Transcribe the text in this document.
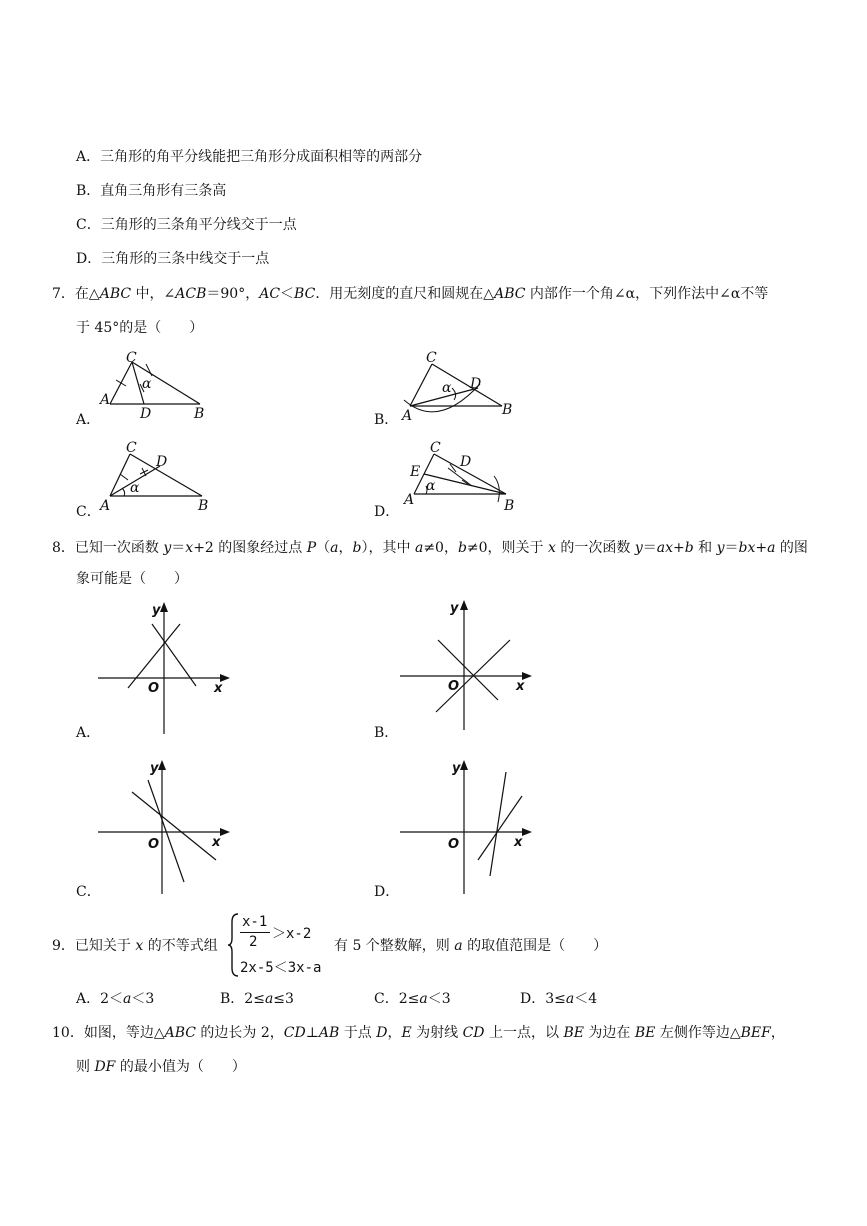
A．三角形的角平分线能把三角形分成面积相等的两部分
B．直角三角形有三条高
C．三角形的三条角平分线交于一点
D．三角形的三条中线交于一点
7．在△ABC 中，∠ACB＝90°，AC＜BC．用无刻度的直尺和圆规在△ABC 内部作一个角∠α，下列作法中∠α不等
于 45°的是（　　）
C
A
D	B
α
A．
C
A
D
B
α
B．
C
A
D
B
α
C．
C
E
A
D
B
α
D．
8．已知一次函数 y＝x+2 的图象经过点 P（a，b），其中 a≠0，b≠0，则关于 x 的一次函数 y＝ax+b 和 y＝bx+a 的图
象可能是（　　）
y
x
O
A．
y
x
O
B．
y
x
O
C．
y
x
O
D．
9．已知关于 x 的不等式组
x-1
2 ＞x-2
2x-5＜3x-a
有 5 个整数解，则 a 的取值范围是（　　）
A．2＜a＜3	B．2≤a≤3	C．2≤a＜3	D．3≤a＜4
10．如图，等边△ABC 的边长为 2，CD⊥AB 于点 D，E 为射线 CD 上一点，以 BE 为边在 BE 左侧作等边△BEF，
则 DF 的最小值为（　　）
